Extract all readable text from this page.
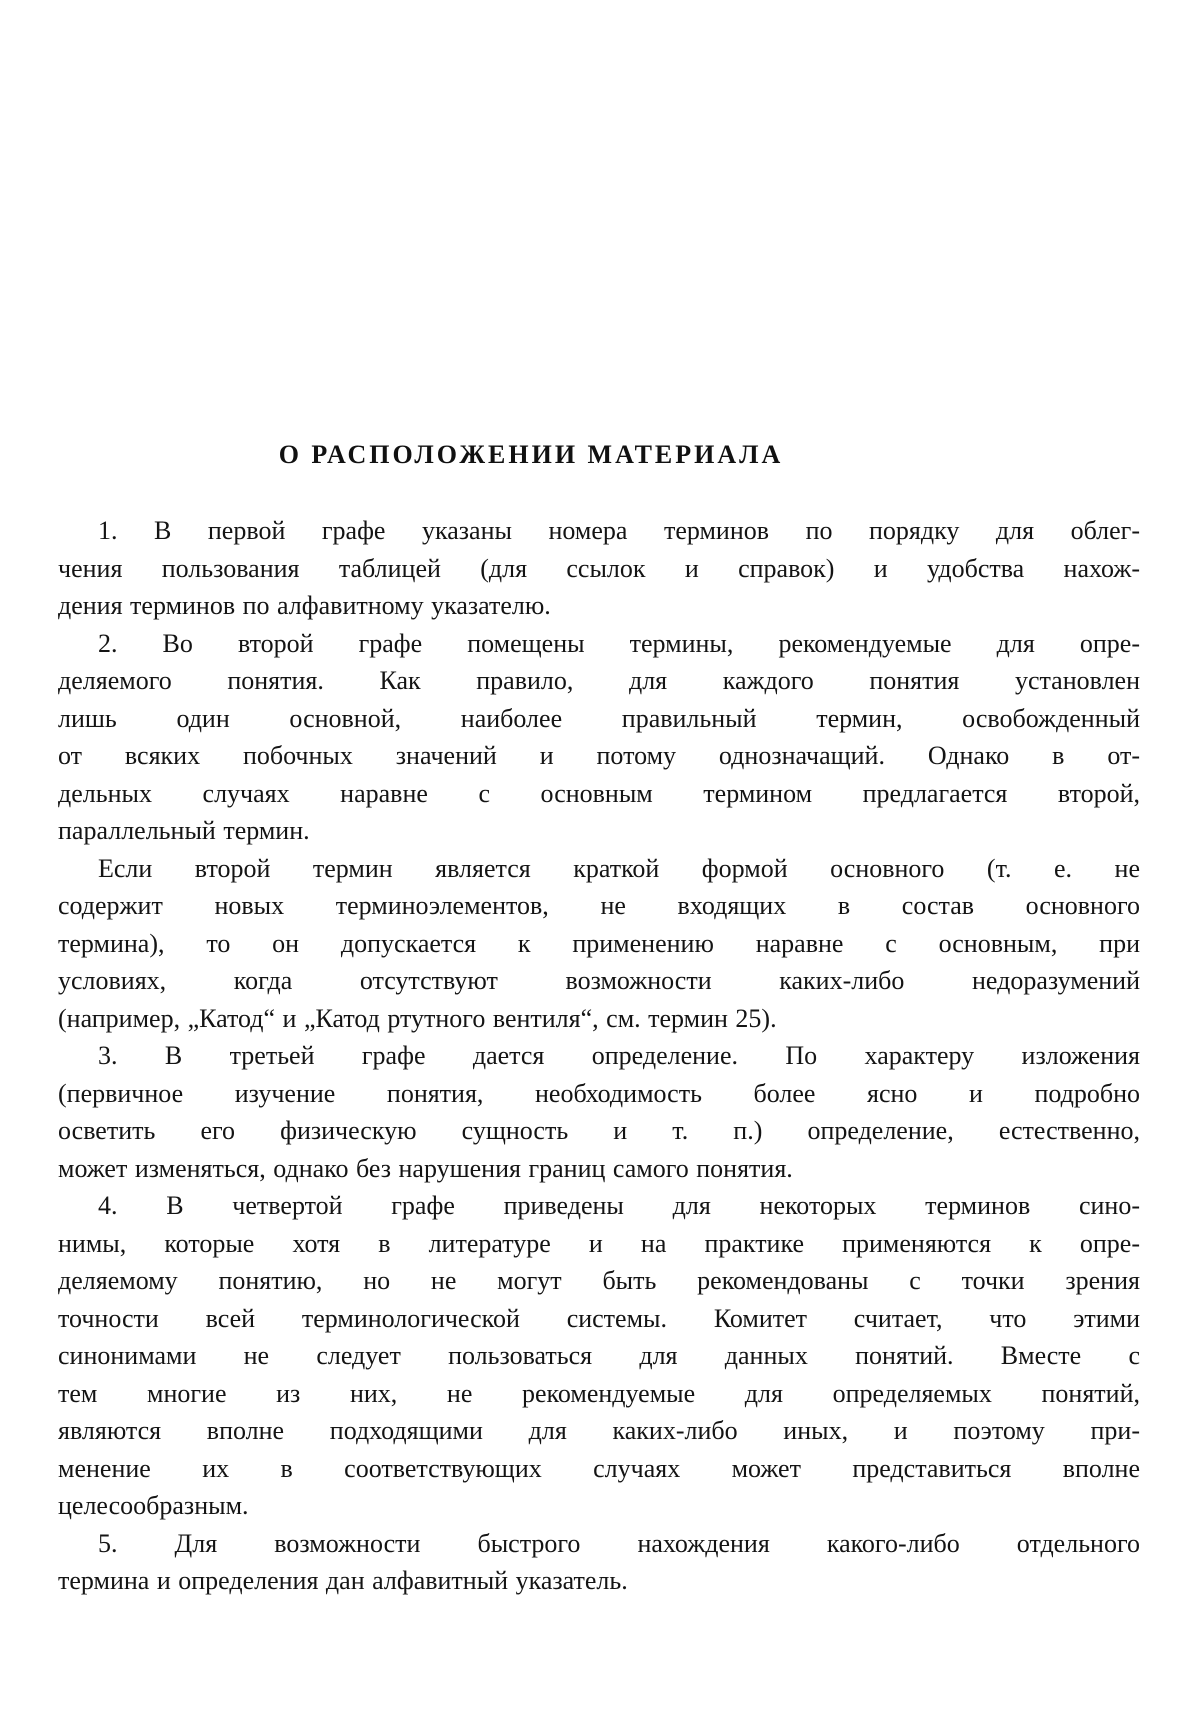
О РАСПОЛОЖЕНИИ МАТЕРИАЛА
1. В первой графе указаны номера терминов по порядку для облег-
чения пользования таблицей (для ссылок и справок) и удобства нахож-
дения терминов по алфавитному указателю.
2. Во второй графе помещены термины, рекомендуемые для опре-
деляемого понятия. Как правило, для каждого понятия установлен
лишь один основной, наиболее правильный термин, освобожденный
от всяких побочных значений и потому однозначащий. Однако в от-
дельных случаях наравне с основным термином предлагается второй,
параллельный термин.
Если второй термин является краткой формой основного (т. е. не
содержит новых терминоэлементов, не входящих в состав основного
термина), то он допускается к применению наравне с основным, при
условиях, когда отсутствуют возможности каких-либо недоразумений
(например, „Катод“ и „Катод ртутного вентиля“, см. термин 25).
3. В третьей графе дается определение. По характеру изложения
(первичное изучение понятия, необходимость более ясно и подробно
осветить его физическую сущность и т. п.) определение, естественно,
может изменяться, однако без нарушения границ самого понятия.
4. В четвертой графе приведены для некоторых терминов сино-
нимы, которые хотя в литературе и на практике применяются к опре-
деляемому понятию, но не могут быть рекомендованы с точки зрения
точности всей терминологической системы. Комитет считает, что этими
синонимами не следует пользоваться для данных понятий. Вместе с
тем многие из них, не рекомендуемые для определяемых понятий,
являются вполне подходящими для каких-либо иных, и поэтому при-
менение их в соответствующих случаях может представиться вполне
целесообразным.
5. Для возможности быстрого нахождения какого-либо отдельного
термина и определения дан алфавитный указатель.
